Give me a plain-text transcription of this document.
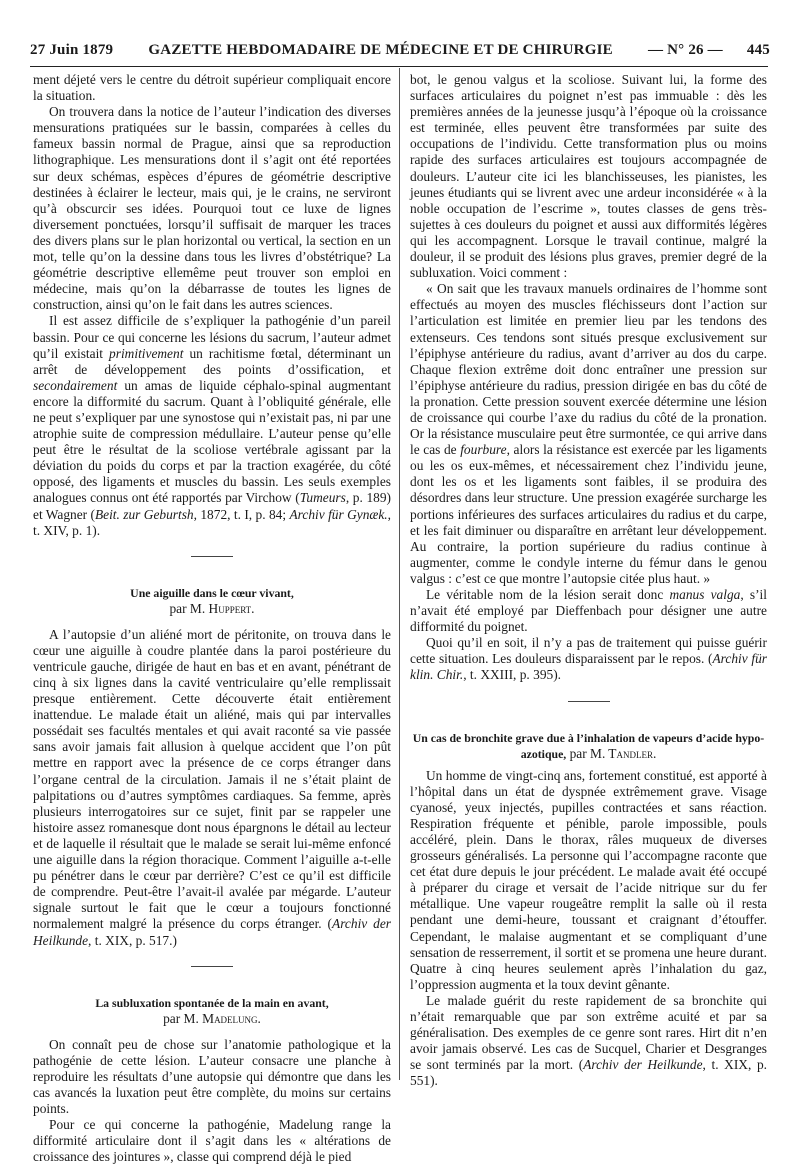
27 Juin 1879 GAZETTE HEBDOMADAIRE DE MÉDECINE ET DE CHIRURGIE — N° 26 — 445

ment déjeté vers le centre du détroit supérieur compliquait encore la situation.

On trouvera dans la notice de l’auteur l’indication des diverses mensurations pratiquées sur le bassin, comparées à celles du fameux bassin normal de Prague, ainsi que sa reproduction lithographique. Les mensurations dont il s’agit ont été reportées sur deux schémas, espèces d’épures de géométrie descriptive destinées à éclairer le lecteur, mais qui, je le crains, ne serviront qu’à obscurcir ses idées. Pourquoi tout ce luxe de lignes diversement ponctuées, lorsqu’il suffisait de marquer les traces des divers plans sur le plan horizontal ou vertical, la section en un mot, telle qu’on la dessine dans tous les livres d’obstétrique? La géométrie descriptive ellemême peut trouver son emploi en médecine, mais qu’on la débarrasse de toutes les lignes de construction, ainsi qu’on le fait dans les autres sciences.

Il est assez difficile de s’expliquer la pathogénie d’un pareil bassin. Pour ce qui concerne les lésions du sacrum, l’auteur admet qu’il existait primitivement un rachitisme fœtal, déterminant un arrêt de développement des points d’ossification, et secondairement un amas de liquide céphalo-spinal augmentant encore la difformité du sacrum. Quant à l’obliquité générale, elle ne peut s’expliquer par une synostose qui n’existait pas, ni par une atrophie suite de compression médullaire. L’auteur pense qu’elle peut être le résultat de la scoliose vertébrale agissant par la déviation du poids du corps et par la traction exagérée, du côté opposé, des ligaments et muscles du bassin. Les seuls exemples analogues connus ont été rapportés par Virchow (Tumeurs, p. 189) et Wagner (Beit. zur Geburtsh, 1872, t. I, p. 84; Archiv für Gynæk., t. XIV, p. 1).

Une aiguille dans le cœur vivant,

par M. Huppert.

A l’autopsie d’un aliéné mort de péritonite, on trouva dans le cœur une aiguille à coudre plantée dans la paroi postérieure du ventricule gauche, dirigée de haut en bas et en avant, pénétrant de cinq à six lignes dans la cavité ventriculaire qu’elle remplissait presque entièrement. Cette découverte était entièrement inattendue. Le malade était un aliéné, mais qui par intervalles possédait ses facultés mentales et qui avait raconté sa vie passée sans avoir jamais fait allusion à quelque accident que l’on pût mettre en rapport avec la présence de ce corps étranger dans l’organe central de la circulation. Jamais il ne s’était plaint de palpitations ou d’autres symptômes cardiaques. Sa femme, après plusieurs interrogatoires sur ce sujet, finit par se rappeler une histoire assez romanesque dont nous épargnons le détail au lecteur et de laquelle il résultait que le malade se serait lui-même enfoncé une aiguille dans la région thoracique. Comment l’aiguille a-t-elle pu pénétrer dans le cœur par derrière? C’est ce qu’il est difficile de comprendre. Peut-être l’avait-il avalée par mégarde. L’auteur signale surtout le fait que le cœur a toujours fonctionné normalement malgré la présence du corps étranger. (Archiv der Heilkunde, t. XIX, p. 517.)

La subluxation spontanée de la main en avant,

par M. Madelung.

On connaît peu de chose sur l’anatomie pathologique et la pathogénie de cette lésion. L’auteur consacre une planche à reproduire les résultats d’une autopsie qui démontre que dans les cas avancés la luxation peut être complète, du moins sur certains points.

Pour ce qui concerne la pathogénie, Madelung range la difformité articulaire dont il s’agit dans les « altérations de croissance des jointures », classe qui comprend déjà le pied

bot, le genou valgus et la scoliose. Suivant lui, la forme des surfaces articulaires du poignet n’est pas immuable : dès les premières années de la jeunesse jusqu’à l’époque où la croissance est terminée, elles peuvent être transformées par suite des occupations de l’individu. Cette transformation plus ou moins rapide des surfaces articulaires est toujours accompagnée de douleurs. L’auteur cite ici les blanchisseuses, les pianistes, les jeunes étudiants qui se livrent avec une ardeur inconsidérée « à la noble occupation de l’escrime », toutes classes de gens très-sujettes à ces douleurs du poignet et aussi aux difformités légères qui les accompagnent. Lorsque le travail continue, malgré la douleur, il se produit des lésions plus graves, premier degré de la subluxation. Voici comment :

« On sait que les travaux manuels ordinaires de l’homme sont effectués au moyen des muscles fléchisseurs dont l’action sur l’articulation est limitée en premier lieu par les tendons des extenseurs. Ces tendons sont situés presque exclusivement sur l’épiphyse antérieure du radius, avant d’arriver au dos du carpe. Chaque flexion extrême doit donc entraîner une pression sur l’épiphyse antérieure du radius, pression dirigée en bas du côté de la pronation. Cette pression souvent exercée détermine une lésion de croissance qui courbe l’axe du radius du côté de la pronation. Or la résistance musculaire peut être surmontée, ce qui arrive dans le cas de fourbure, alors la résistance est exercée par les ligaments ou les os eux-mêmes, et nécessairement chez l’individu jeune, dont les os et les ligaments sont faibles, il se produira des désordres dans leur structure. Une pression exagérée surcharge les portions inférieures des surfaces articulaires du radius et du carpe, et les fait diminuer ou disparaître en arrêtant leur développement. Au contraire, la portion supérieure du radius continue à augmenter, comme le condyle interne du fémur dans le genou valgus : c’est ce que montre l’autopsie citée plus haut. »

Le véritable nom de la lésion serait donc manus valga, s’il n’avait été employé par Dieffenbach pour désigner une autre difformité du poignet.

Quoi qu’il en soit, il n’y a pas de traitement qui puisse guérir cette situation. Les douleurs disparaissent par le repos. (Archiv für klin. Chir., t. XXIII, p. 395).

Un cas de bronchite grave due à l’inhalation de vapeurs d’acide hypo-azotique, par M. Tandler.

Un homme de vingt-cinq ans, fortement constitué, est apporté à l’hôpital dans un état de dyspnée extrêmement grave. Visage cyanosé, yeux injectés, pupilles contractées et sans réaction. Respiration fréquente et pénible, parole impossible, pouls accéléré, plein. Dans le thorax, râles muqueux de diverses grosseurs généralisés. La personne qui l’accompagne raconte que cet état dure depuis le jour précédent. Le malade avait été occupé à préparer du cirage et versait de l’acide nitrique sur du fer métallique. Une vapeur rougeâtre remplit la salle où il resta pendant une demi-heure, toussant et craignant d’étouffer. Cependant, le malaise augmentant et se compliquant d’une sensation de resserrement, il sortit et se promena une heure durant. Quatre à cinq heures seulement après l’inhalation du gaz, l’oppression augmenta et la toux devint gênante.

Le malade guérit du reste rapidement de sa bronchite qui n’était remarquable que par son extrême acuité et par sa généralisation. Des exemples de ce genre sont rares. Hirt dit n’en avoir jamais observé. Les cas de Sucquel, Charier et Desgranges se sont terminés par la mort. (Archiv der Heilkunde, t. XIX, p. 551).
